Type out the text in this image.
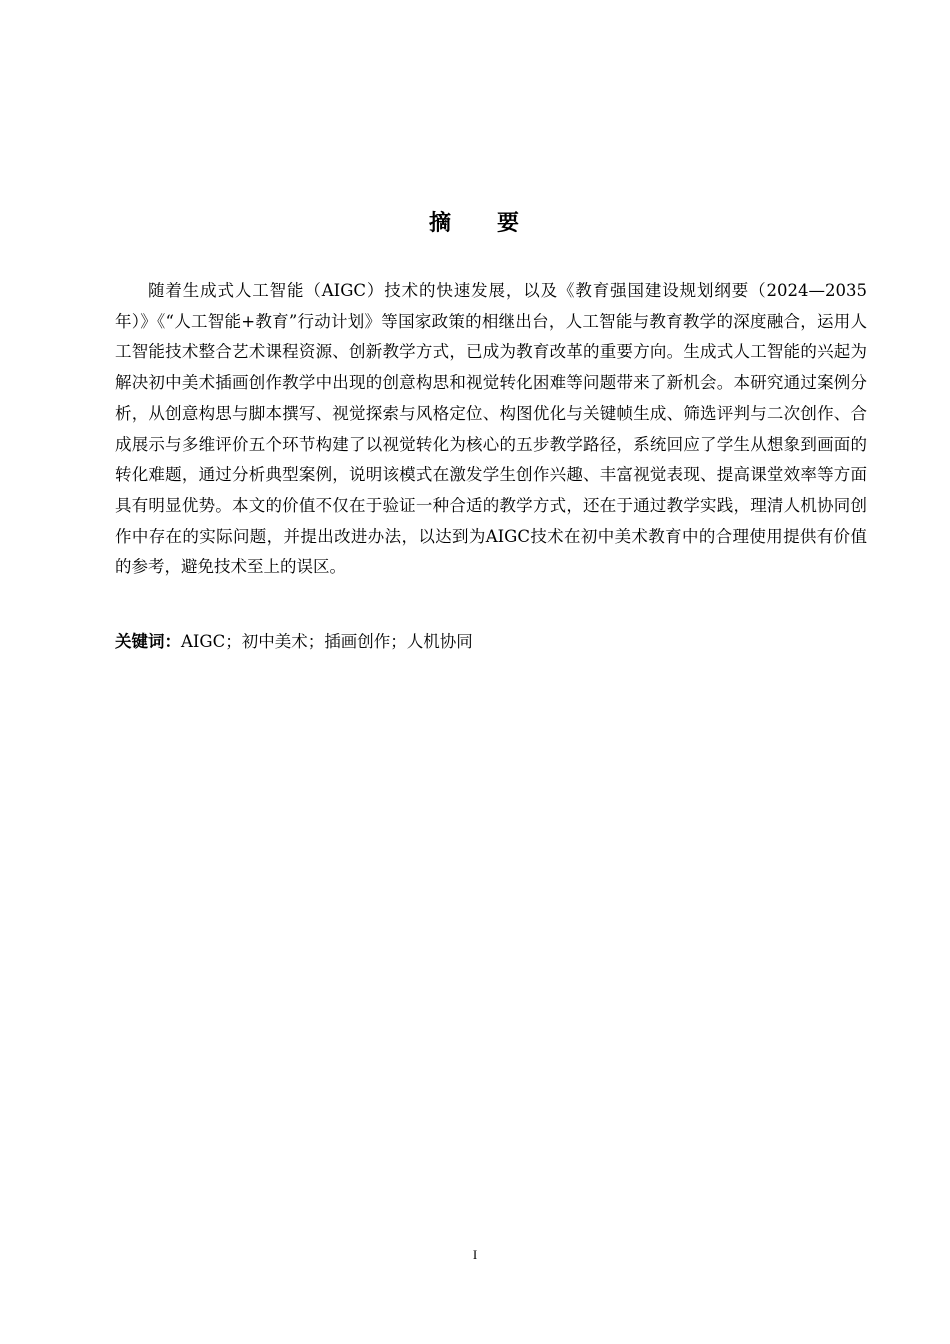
摘 要

随着生成式人工智能（AIGC）技术的快速发展，以及《教育强国建设规划纲要（2024—2035年）》《“人工智能+教育”行动计划》等国家政策的相继出台，人工智能与教育教学的深度融合，运用人工智能技术整合艺术课程资源、创新教学方式，已成为教育改革的重要方向。生成式人工智能的兴起为解决初中美术插画创作教学中出现的创意构思和视觉转化困难等问题带来了新机会。本研究通过案例分析，从创意构思与脚本撰写、视觉探索与风格定位、构图优化与关键帧生成、筛选评判与二次创作、合成展示与多维评价五个环节构建了以视觉转化为核心的五步教学路径，系统回应了学生从想象到画面的转化难题，通过分析典型案例，说明该模式在激发学生创作兴趣、丰富视觉表现、提高课堂效率等方面具有明显优势。本文的价值不仅在于验证一种合适的教学方式，还在于通过教学实践，理清人机协同创作中存在的实际问题，并提出改进办法，以达到为AIGC技术在初中美术教育中的合理使用提供有价值的参考，避免技术至上的误区。

关键词：AIGC；初中美术；插画创作；人机协同

I
